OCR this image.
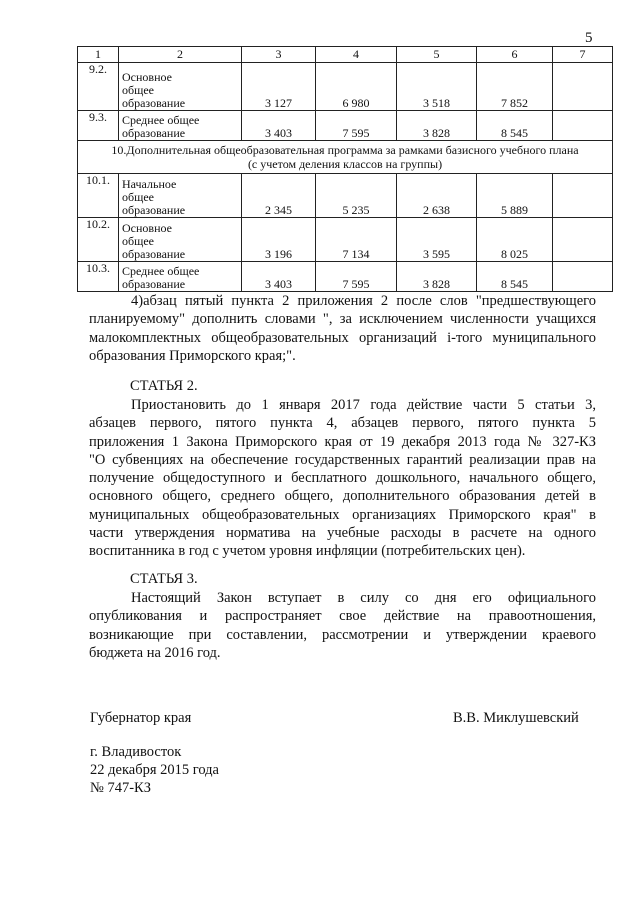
5
1	2	3	4	5	6	7
9.2.	Основное
общее
образование	3 127	6 980	3 518	7 852	
9.3.	Среднее общее
образование	3 403	7 595	3 828	8 545	
10.Дополнительная общеобразовательная программа за рамками базисного учебного плана
(с учетом деления классов на группы)						
10.1.	Начальное
общее
образование	2 345	5 235	2 638	5 889	
10.2.	Основное
общее
образование	3 196	7 134	3 595	8 025	
10.3.	Среднее общее
образование	3 403	7 595	3 828	8 545	
4)абзац пятый пункта 2 приложения 2 после слов "предшествующего
планируемому" дополнить словами ", за исключением численности учащихся
малокомплектных общеобразовательных организаций i-того муниципального
образования Приморского края;".
СТАТЬЯ 2.
Приостановить до 1 января 2017 года действие части 5 статьи 3,
абзацев первого, пятого пункта 4, абзацев первого, пятого пункта 5
приложения 1 Закона Приморского края от 19 декабря 2013 года № 327-КЗ
"О субвенциях на обеспечение государственных гарантий реализации прав на
получение общедоступного и бесплатного дошкольного, начального общего,
основного общего, среднего общего, дополнительного образования детей в
муниципальных общеобразовательных организациях Приморского края" в
части утверждения норматива на учебные расходы в расчете на одного
воспитанника в год с учетом уровня инфляции (потребительских цен).
СТАТЬЯ 3.
Настоящий Закон вступает в силу со дня его официального
опубликования и распространяет свое действие на правоотношения,
возникающие при составлении, рассмотрении и утверждении краевого
бюджета на 2016 год.
Губернатор края	В.В. Миклушевский
г. Владивосток
22 декабря 2015 года
№ 747-КЗ
